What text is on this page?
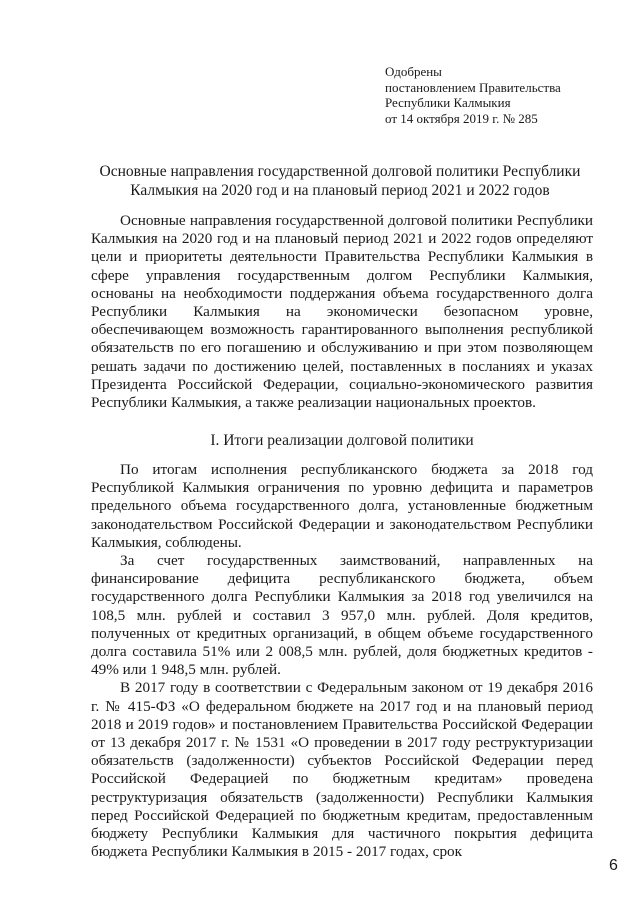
Одобрены
постановлением Правительства
Республики Калмыкия
от 14 октября 2019 г. № 285
Основные направления государственной долговой политики Республики
Калмыкия на 2020 год и на плановый период 2021 и 2022 годов

Основные направления государственной долговой политики Республики Калмыкия на 2020 год и на плановый период 2021 и 2022 годов определяют цели и приоритеты деятельности Правительства Республики Калмыкия в сфере управления государственным долгом Республики Калмыкия, основаны на необходимости поддержания объема государственного долга Республики Калмыкия на экономически безопасном уровне, обеспечивающем возможность гарантированного выполнения республикой обязательств по его погашению и обслуживанию и при этом позволяющем решать задачи по достижению целей, поставленных в посланиях и указах Президента Российской Федерации, социально-экономического развития Республики Калмыкия, а также реализации национальных проектов.

I. Итоги реализации долговой политики

По итогам исполнения республиканского бюджета за 2018 год Республикой Калмыкия ограничения по уровню дефицита и параметров предельного объема государственного долга, установленные бюджетным законодательством Российской Федерации и законодательством Республики Калмыкия, соблюдены.

За счет государственных заимствований, направленных на финансирование дефицита республиканского бюджета, объем государственного долга Республики Калмыкия за 2018 год увеличился на 108,5 млн. рублей и составил 3 957,0 млн. рублей. Доля кредитов, полученных от кредитных организаций, в общем объеме государственного долга составила 51% или 2 008,5 млн. рублей, доля бюджетных кредитов - 49% или 1 948,5 млн. рублей.

В 2017 году в соответствии с Федеральным законом от 19 декабря 2016 г. № 415-ФЗ «О федеральном бюджете на 2017 год и на плановый период 2018 и 2019 годов» и постановлением Правительства Российской Федерации от 13 декабря 2017 г. № 1531 «О проведении в 2017 году реструктуризации обязательств (задолженности) субъектов Российской Федерации перед Российской Федерацией по бюджетным кредитам» проведена реструктуризация обязательств (задолженности) Республики Калмыкия перед Российской Федерацией по бюджетным кредитам, предоставленным бюджету Республики Калмыкия для частичного покрытия дефицита бюджета Республики Калмыкия в 2015 - 2017 годах, срок

6
